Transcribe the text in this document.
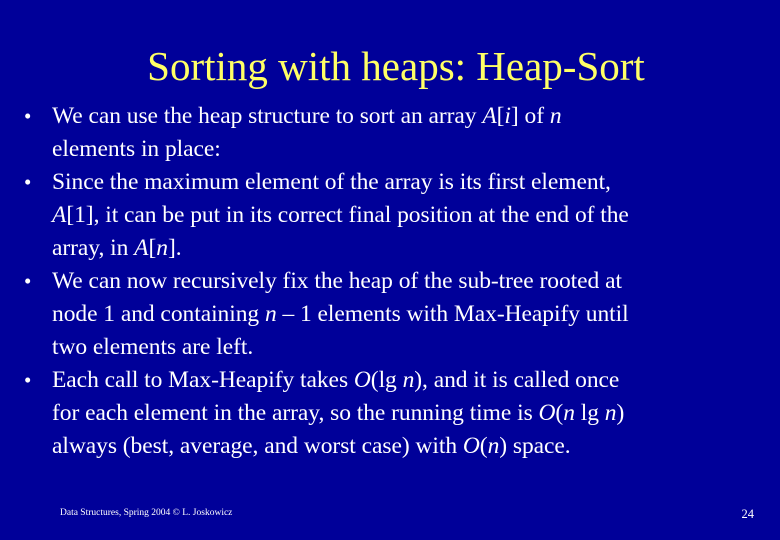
Sorting with heaps: Heap-Sort
• We can use the heap structure to sort an array A[i] of n
elements in place:
• Since the maximum element of the array is its first element,
A[1], it can be put in its correct final position at the end of the
array, in A[n].
• We can now recursively fix the heap of the sub-tree rooted at
node 1 and containing n – 1 elements with Max-Heapify until
two elements are left.
• Each call to Max-Heapify takes O(lg n), and it is called once
for each element in the array, so the running time is O(n lg n)
always (best, average, and worst case) with O(n) space.
Data Structures, Spring 2004 © L. Joskowicz	24
